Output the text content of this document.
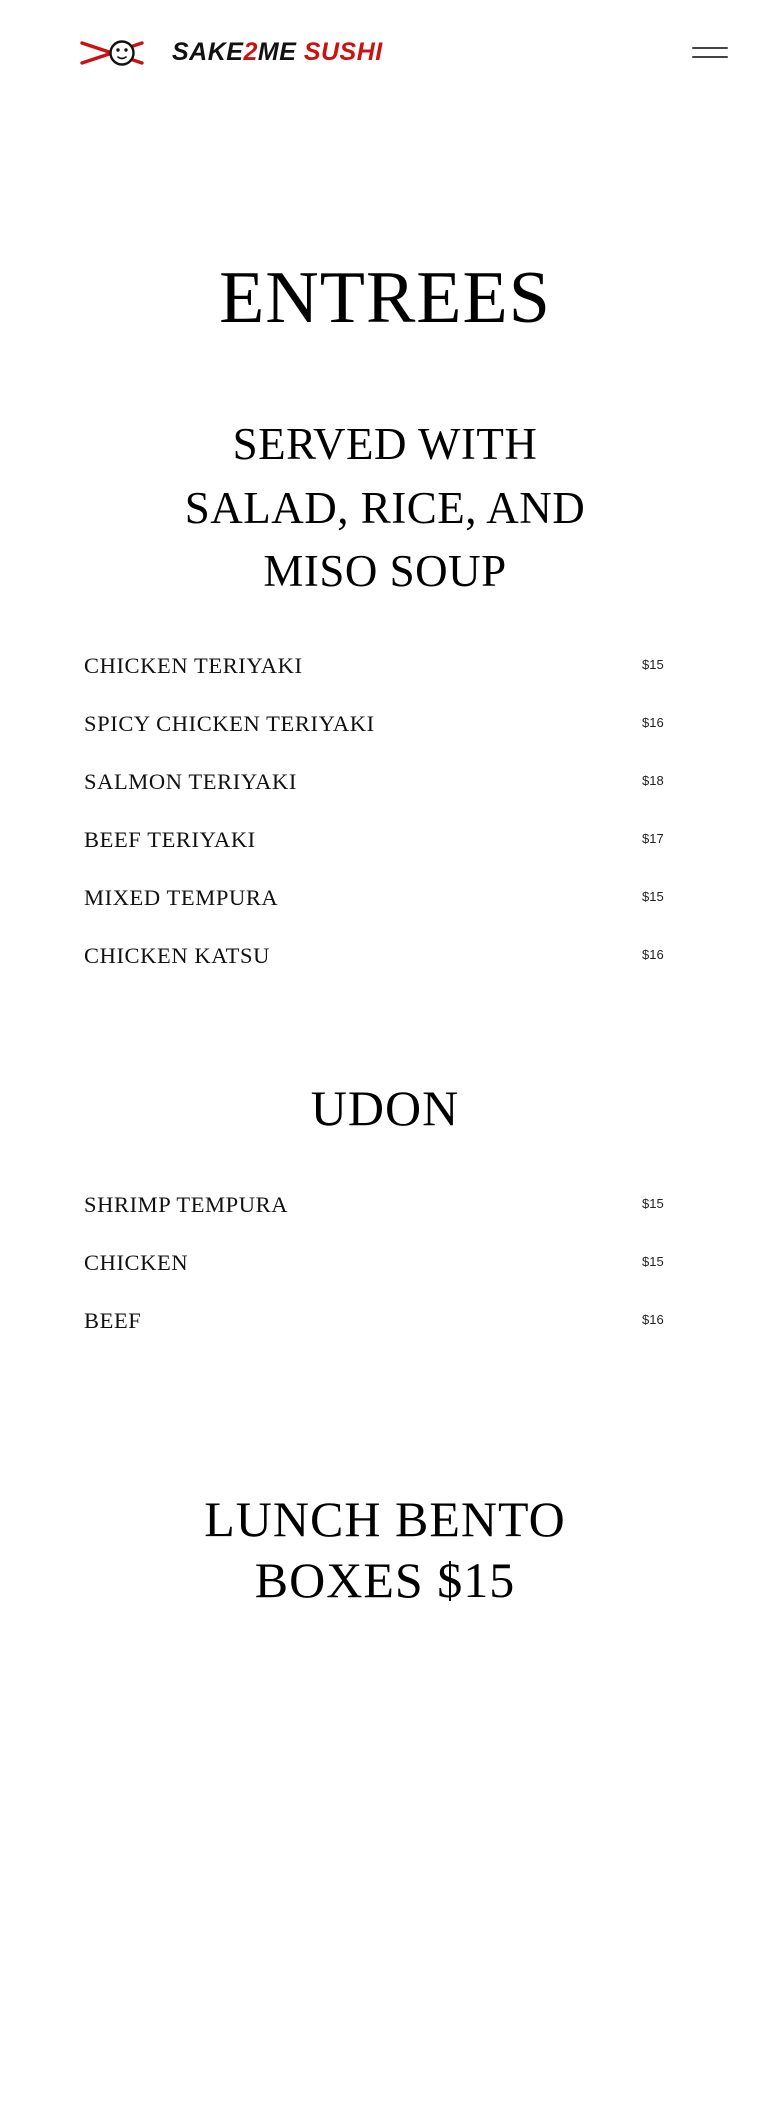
SAKE2ME SUSHI
ENTREES
SERVED WITH SALAD, RICE, AND MISO SOUP
CHICKEN TERIYAKI	$15
SPICY CHICKEN TERIYAKI	$16
SALMON TERIYAKI	$18
BEEF TERIYAKI	$17
MIXED TEMPURA	$15
CHICKEN KATSU	$16
UDON
SHRIMP TEMPURA	$15
CHICKEN	$15
BEEF	$16
LUNCH BENTO BOXES $15
